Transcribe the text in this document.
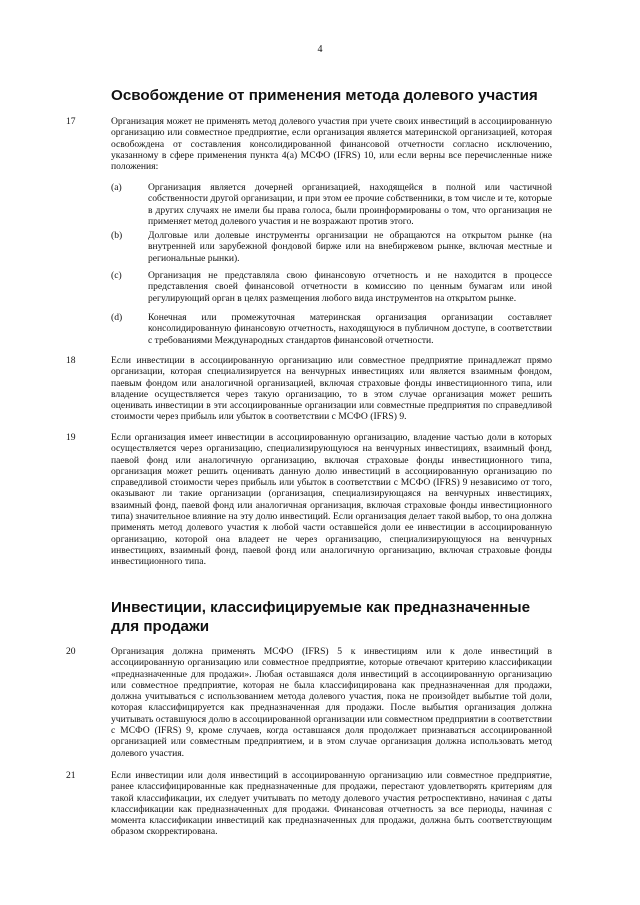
4
Освобождение от применения метода долевого участия
17	Организация может не применять метод долевого участия при учете своих инвестиций в ассоциированную организацию или совместное предприятие, если организация является материнской организацией, которая освобождена от составления консолидированной финансовой отчетности согласно исключению, указанному в сфере применения пункта 4(а) МСФО (IFRS) 10, или если верны все перечисленные ниже положения:
(a)	Организация является дочерней организацией, находящейся в полной или частичной собственности другой организации, и при этом ее прочие собственники, в том числе и те, которые в других случаях не имели бы права голоса, были проинформированы о том, что организация не применяет метод долевого участия и не возражают против этого.
(b)	Долговые или долевые инструменты организации не обращаются на открытом рынке (на внутренней или зарубежной фондовой бирже или на внебиржевом рынке, включая местные и региональные рынки).
(c)	Организация не представляла свою финансовую отчетность и не находится в процессе представления своей финансовой отчетности в комиссию по ценным бумагам или иной регулирующий орган в целях размещения любого вида инструментов на открытом рынке.
(d)	Конечная или промежуточная материнская организация организации составляет консолидированную финансовую отчетность, находящуюся в публичном доступе, в соответствии с требованиями Международных стандартов финансовой отчетности.
18	Если инвестиции в ассоциированную организацию или совместное предприятие принадлежат прямо организации, которая специализируется на венчурных инвестициях или является взаимным фондом, паевым фондом или аналогичной организацией, включая страховые фонды инвестиционного типа, или владение осуществляется через такую организацию, то в этом случае организация может решить оценивать инвестиции в эти ассоциированные организации или совместные предприятия по справедливой стоимости через прибыль или убыток в соответствии с МСФО (IFRS) 9.
19	Если организация имеет инвестиции в ассоциированную организацию, владение частью доли в которых осуществляется через организацию, специализирующуюся на венчурных инвестициях, взаимный фонд, паевой фонд или аналогичную организацию, включая страховые фонды инвестиционного типа, организация может решить оценивать данную долю инвестиций в ассоциированную организацию по справедливой стоимости через прибыль или убыток в соответствии с МСФО (IFRS) 9 независимо от того, оказывают ли такие организации (организация, специализирующаяся на венчурных инвестициях, взаимный фонд, паевой фонд или аналогичная организация, включая страховые фонды инвестиционного типа) значительное влияние на эту долю инвестиций. Если организация делает такой выбор, то она должна применять метод долевого участия к любой части оставшейся доли ее инвестиции в ассоциированную организацию, которой она владеет не через организацию, специализирующуюся на венчурных инвестициях, взаимный фонд, паевой фонд или аналогичную организацию, включая страховые фонды инвестиционного типа.
Инвестиции, классифицируемые как предназначенные для продажи
20	Организация должна применять МСФО (IFRS) 5 к инвестициям или к доле инвестиций в ассоциированную организацию или совместное предприятие, которые отвечают критерию классификации «предназначенные для продажи». Любая оставшаяся доля инвестиций в ассоциированную организацию или совместное предприятие, которая не была классифицирована как предназначенная для продажи, должна учитываться с использованием метода долевого участия, пока не произойдет выбытие той доли, которая классифицируется как предназначенная для продажи. После выбытия организация должна учитывать оставшуюся долю в ассоциированной организации или совместном предприятии в соответствии с МСФО (IFRS) 9, кроме случаев, когда оставшаяся доля продолжает признаваться ассоциированной организацией или совместным предприятием, и в этом случае организация должна использовать метод долевого участия.
21	Если инвестиции или доля инвестиций в ассоциированную организацию или совместное предприятие, ранее классифицированные как предназначенные для продажи, перестают удовлетворять критериям для такой классификации, их следует учитывать по методу долевого участия ретроспективно, начиная с даты классификации как предназначенных для продажи. Финансовая отчетность за все периоды, начиная с момента классификации инвестиций как предназначенных для продажи, должна быть соответствующим образом скорректирована.
